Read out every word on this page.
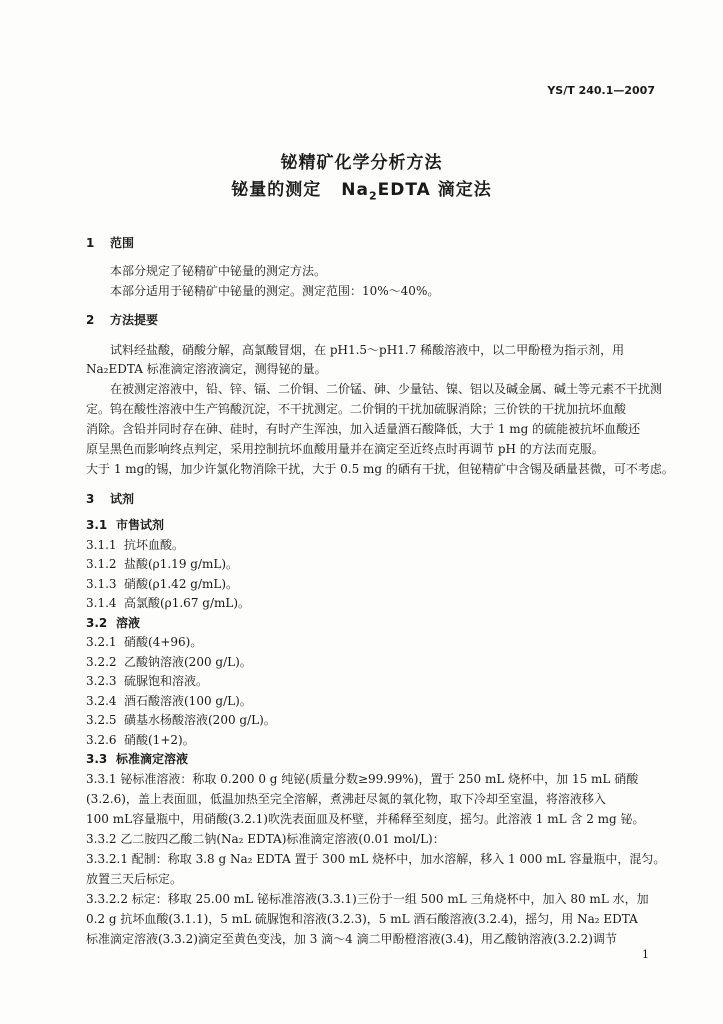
YS/T 240.1—2007
铋精矿化学分析方法
铋量的测定 $Na_2EDTA$ 滴定法
1 范围
本部分规定了铋精矿中铋量的测定方法。
本部分适用于铋精矿中铋量的测定。测定范围：10%～40%。
2 方法提要
试料经盐酸，硝酸分解，高氯酸冒烟，在 pH1.5～pH1.7 稀酸溶液中，以二甲酚橙为指示剂，用
Na₂EDTA 标准滴定溶液滴定，测得铋的量。
在被测定溶液中，铅、锌、镉、二价铜、二价锰、砷、少量钴、镍、铝以及碱金属、碱土等元素不干扰测
定。钨在酸性溶液中生产钨酸沉淀，不干扰测定。二价铜的干扰加硫脲消除；三价铁的干扰加抗坏血酸
消除。含铅并同时存在砷、硅时，有时产生浑浊，加入适量酒石酸降低，大于 1 mg 的硫能被抗坏血酸还
原呈黑色而影响终点判定，采用控制抗坏血酸用量并在滴定至近终点时再调节 pH 的方法而克服。
大于 1 mg的锡，加少许氯化物消除干扰，大于 0.5 mg 的硒有干扰，但铋精矿中含锡及硒量甚微，可不考虑。
3 试剂
3.1 市售试剂
3.1.1 抗坏血酸。
3.1.2 盐酸(ρ1.19 g/mL)。
3.1.3 硝酸(ρ1.42 g/mL)。
3.1.4 高氯酸(ρ1.67 g/mL)。
3.2 溶液
3.2.1 硝酸(4+96)。
3.2.2 乙酸钠溶液(200 g/L)。
3.2.3 硫脲饱和溶液。
3.2.4 酒石酸溶液(100 g/L)。
3.2.5 磺基水杨酸溶液(200 g/L)。
3.2.6 硝酸(1+2)。
3.3 标准滴定溶液
3.3.1 铋标准溶液：称取 0.200 0 g 纯铋(质量分数≥99.99%)，置于 250 mL 烧杯中，加 15 mL 硝酸
(3.2.6)，盖上表面皿，低温加热至完全溶解，煮沸赶尽氮的氧化物，取下冷却至室温，将溶液移入
100 mL容量瓶中，用硝酸(3.2.1)吹洗表面皿及杯壁，并稀释至刻度，摇匀。此溶液 1 mL 含 2 mg 铋。
3.3.2 乙二胺四乙酸二钠(Na₂ EDTA)标准滴定溶液(0.01 mol/L)：
3.3.2.1 配制：称取 3.8 g Na₂ EDTA 置于 300 mL 烧杯中，加水溶解，移入 1 000 mL 容量瓶中，混匀。
放置三天后标定。
3.3.2.2 标定：移取 25.00 mL 铋标准溶液(3.3.1)三份于一组 500 mL 三角烧杯中，加入 80 mL 水，加
0.2 g 抗坏血酸(3.1.1)，5 mL 硫脲饱和溶液(3.2.3)，5 mL 酒石酸溶液(3.2.4)，摇匀，用 Na₂ EDTA
标准滴定溶液(3.3.2)滴定至黄色变浅，加 3 滴～4 滴二甲酚橙溶液(3.4)，用乙酸钠溶液(3.2.2)调节
1
